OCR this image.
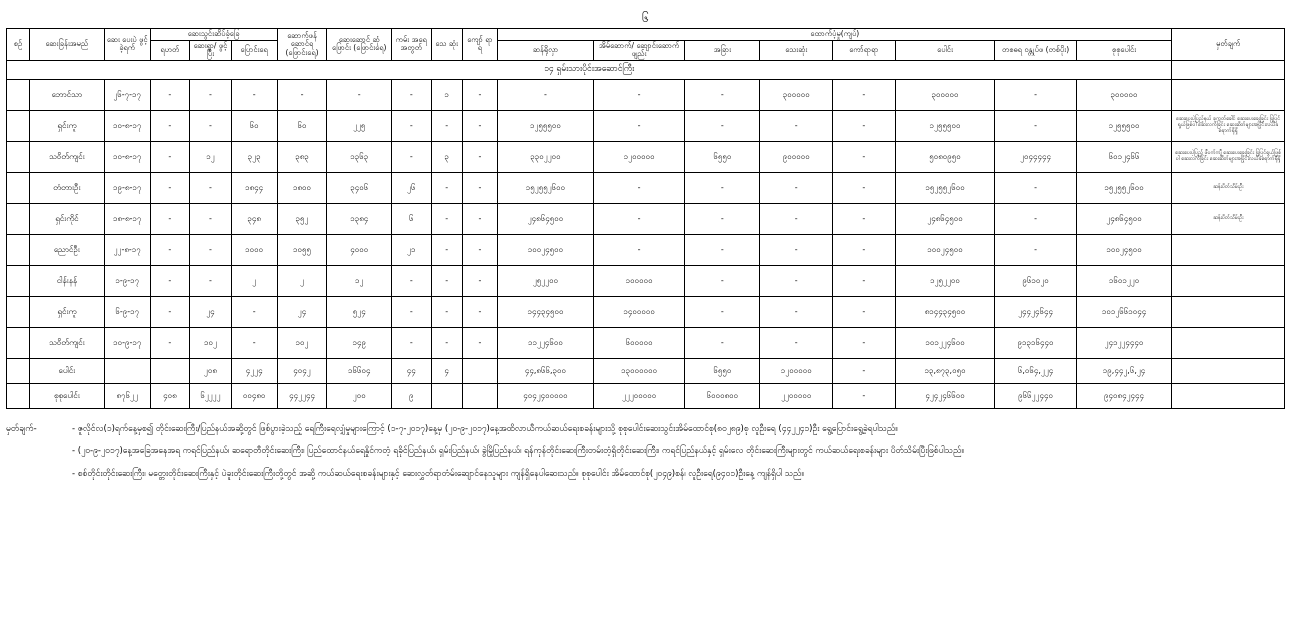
၆
စဉ်	ဆေးခြန်းအမည်	ဆေး ပေးပဲ ဖွင့်ခဲ့ရက်	ဆေးသွင်းဆိပ်ခံ့ခြေ			ဆောက်ဖန် ဆောင်ရ (ဖြောင်းရေ)	ဆေးဆောင် ဆုံဖြောင်း (ဖြောင်းရေ)	ကမ်း အရေ အတွတ်	သေ ဆုံး	ကျော် ရာ ရ	ထောက်ပံ့မှု(ကျပ်)								မှတ်ချက်
			ရဟတ်	ဆေးရွာ/ ဖွင့်ပြီး	ပြောင်းရေ						ဆန်ရိုလှာ	အိမ်ဆောက်/ ဆျောင်းဆောက် ဖျည်း	အခြား	သေးဆုံး	ကော်ရာရာ	ပေါင်း	တစဓရ ဝန္တုပ်ဖ (တစ်ပိုး)	စုစုပေါင်း	
၁၄ ရှမ်းသားပိုင်းအဆောင်ကြီး																			
	ဘောင်သာ	၂၆-၇-၁၇	-	-	-	-	-	-	၁	-	-	-	-	၃၀၀၀၀၀	-	၃၀၀၀၀၀	-	၃၀၀၀၀၀	
	ရှင်းကူ	၁၀-၈-၁၇	-	-	၆၀	၆၀	၂၂၅	-	-	-	၁၂၅၅၅၀၀	-	-	-	-	၁၂၅၅၅၀၀	-	၁၂၅၅၅၀၀	ဆေးပေးပဲ့ပြည့်နယ် ခုကုတ်ခေါင် ဆေးပေးခေးခြင်း ပြုပြင်ရွယ်ဖြစ်ပါ ဆေးလက်ခြင်း ဆေးဆိတ်များအပြိုင်းလယ်ခရောက်ရိုရှိ
	သဝိတ်ကျင်း	၁၀-၈-၁၇	-	၁၂	၃၂၃	၃၈၃	၁၃၆၃	-	၃	-	၃၃၀၂၂၀၀	၁၂၀၀၀၀၀	၆၅၅၀	၉၀၀၀၀၀	-	၅၀၈၀၉၅၀	၂၀၄၄၄၄၄	၆၀၁၂၄၆၆	ဆေးပေးပဲ့ပြည့် ဖီ့ပက်ကျီ့ ဆေးပေးခေးခြင်း ပြုပြင်ရွယ်ဖြစ်ပါ ဆေးလက်ခြင်း ဆေးဆိတ်များအပြိုင်းလယ်ခရောက်ရိုရှိ
	တံတားဦး	၁၉-၈-၁၇	-	-	၁၈၄၄	၁၈၀၀	၃၄၀၆	၂၆	-	-	၁၅၂၅၅၂၆၀၀	-	-	-	-	၁၅၂၅၅၂၆၀၀	-	၁၅၂၅၅၂၆၀၀	ဆန်းပိတ်သိမ်းဦး
	ရှင်းကိုင်	၁၈-၈-၁၇	-	-	၃၄၈	၃၅၂	၁၃၈၄	၆	-	-	၂၄၈၆၄၅၀၀	-	-	-	-	၂၄၈၆၄၅၀၀	-	၂၄၈၆၄၅၀၀	ဆန်းပိတ်သိမ်းဦး
	ညောင်ဦး	၂၂-၈-၁၇	-	-	၁၀၀၀	၁၀၅၅	၄၀၀၀	၂၁	-	-	၁၀၀၂၄၅၀၀	-	-	-	-	၁၀၀၂၄၅၀၀	-	၁၀၀၂၄၅၀၀	
	ငါန်းနန်	၁-၉-၁၇	-	-	၂	၂	၁၂	-	-	-	၂၅၂၂၀၀	၁၀၀၀၀၀	-	-	-	၁၂၅၂၂၀၀	၉၆၁၀၂၀	၁၆၀၁၂၂၀	
	ရှင်းကူ	၆-၉-၁၇	-	၂၄	-	၂၄	၅၂၄	-	-	-	၁၄၄၃၄၅၀၀	၁၄၀၀၀၀၀	-	-	-	၈၁၄၄၃၄၅၀၀	၂၄၄၂၄၆၄၄	၁၀၁၂၆၆၁၀၄၄	
	သဝိတ်ကျင်း	၁၀-၉-၁၇	-	၁၀၂	-	၁၀၂	၁၄၉	-	-	-	၁၁၂၂၄၆၀၀	၆၀၀၀၀၀	-	-	-	၁၀၁၂၂၄၆၀၀	၉၁၃၁၆၄၄၀	၂၄၁၂၂၄၄၄၀	
	ပေါင်း			၂၀၈	၄၂၂၄	၄၀၄၂	၁၆၆၀၄	၄၄	၄		၄၄,၈၆၆,၃၀၀	၁၃၀၀၀၀၀၀	၆၅၅၀	၁၂၀၀၀၀၀	-	၁၃,၈၇၃,၀၅၀	၆,၀၆၄,၂၂၄	၁၉,၄၄၂,၆,၂၄	
	စုစုပေါင်း	၈၇၆၂၂	၄၀၈	၆၂၂၂၂	၀၀၄၈၀	၄၄၂၂၄၄	၂၀၀	၉			၄၀၄၂၄၀၀၀၀၀	၂၂၂၀၀၀၀၀	၆၀၀၀၈၀၀	၂၂၀၀၀၀၀	-	၄၂၄၂၄၆၆၀၀	၉၆၆၂၂၄၄၀	၉၄၀၈၄၂၄၄၄	
မှတ်ချက်-	- ဇူလိုင်လ(၁)ရက်နေ့မှစ၍ တိုင်းဆေးကြီး/ပြည်နယ်အဆို့တွင် ဖြစ်ပွားခဲ့သည့် ရေကြီးရေလျှံမှုများကြောင့် (၁-၇-၂၀၁၇)နေ့မှ (၂၀-၉-၂၀၁၇)နေ့အထိလာယီကယ်ဆယ်ရေးစခန်းများသို့ စုစုပေါင်းဆေးသွင်းအိမ်ထောင်စု(၈၀၂၈၉)စု လူဦးရေ (၄၄၂၂၄၁)ဦး ရွေ့ပြောင်းရွေ့ခဲ့ရပါသည်။
- (၂၀-၉-၂၀၁၇)နေ့အခြေအနေအရ ကရင်ပြည်နယ်၊ ဆရောတီတိုင်းဆေးကြီး၊ ပြည်ထောင်နယ်ရေနှိုင်ကတံ့ ရခိုင်ပြည်နယ်၊ ရှမ်းပြည်နယ်၊ ခွဲမြိုပြည်နယ်၊ ရန်ကုန်တိုင်းဆေးကြီးတမ်းတံ့ရှိတိုင်းဆေးကြီး၊ ကရင်ပြည်နယ်နှင့် ရှမ်းလေ တိုင်းဆေးကြီးများတွင် ကယ်ဆယ်ရေးစခန်းများ ပိတ်သိမ်းပြီးဖြစ်ပါသည်။
- စစ်တိုင်းတိုင်းဆေးကြီး၊ မတ္တေးတိုင်းဆေးကြီးနှင့် ပဲခူးတိုင်းဆေးကြီးတို့တွင် အဆို့ ကယ်ဆယ်ရေးစခန်းများနှင့် ဆေးလွှတ်ရာတံမ်းဆျောင်နေသူများ ကျန်ရှိနေပါဆေးသည်။ စုစုပေါင်း အိမ်ထောင်စု(၂၀၄၉)စန်၊ လူဦးရေ(၉၄၀၁)ဦးနေ့ ကျန်ရှိပါ သည်။
